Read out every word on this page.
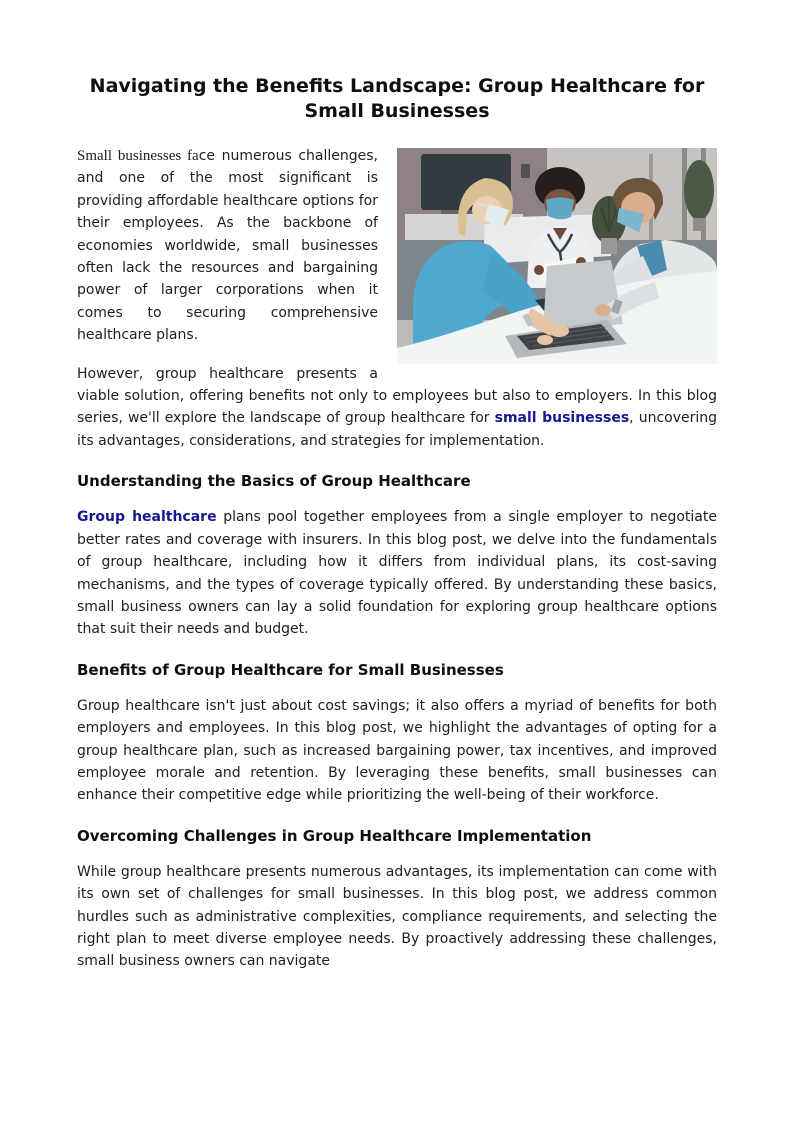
Navigating the Benefits Landscape: Group Healthcare for
Small Businesses

Small businesses face numerous challenges, and one of the most significant is providing affordable healthcare options for their employees. As the backbone of economies worldwide, small businesses often lack the resources and bargaining power of larger corporations when it comes to securing comprehensive healthcare plans.

However, group healthcare presents a viable solution, offering benefits not only to employees but also to employers. In this blog series, we'll explore the landscape of group healthcare for small businesses, uncovering its advantages, considerations, and strategies for implementation.

Understanding the Basics of Group Healthcare

Group healthcare plans pool together employees from a single employer to negotiate better rates and coverage with insurers. In this blog post, we delve into the fundamentals of group healthcare, including how it differs from individual plans, its cost-saving mechanisms, and the types of coverage typically offered. By understanding these basics, small business owners can lay a solid foundation for exploring group healthcare options that suit their needs and budget.

Benefits of Group Healthcare for Small Businesses

Group healthcare isn't just about cost savings; it also offers a myriad of benefits for both employers and employees. In this blog post, we highlight the advantages of opting for a group healthcare plan, such as increased bargaining power, tax incentives, and improved employee morale and retention. By leveraging these benefits, small businesses can enhance their competitive edge while prioritizing the well-being of their workforce.

Overcoming Challenges in Group Healthcare Implementation

While group healthcare presents numerous advantages, its implementation can come with its own set of challenges for small businesses. In this blog post, we address common hurdles such as administrative complexities, compliance requirements, and selecting the right plan to meet diverse employee needs. By proactively addressing these challenges, small business owners can navigate
